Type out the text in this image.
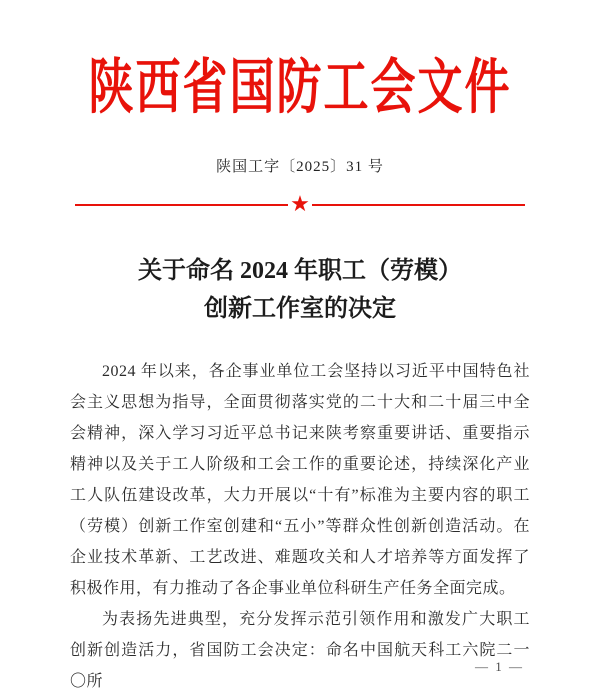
陕西省国防工会文件
陕国工字〔2025〕31 号
★
关于命名 2024 年职工（劳模）
创新工作室的决定

2024 年以来，各企事业单位工会坚持以习近平中国特色社会主义思想为指导，全面贯彻落实党的二十大和二十届三中全会精神，深入学习习近平总书记来陕考察重要讲话、重要指示精神以及关于工人阶级和工会工作的重要论述，持续深化产业工人队伍建设改革，大力开展以“十有”标准为主要内容的职工（劳模）创新工作室创建和“五小”等群众性创新创造活动。在企业技术革新、工艺改进、难题攻关和人才培养等方面发挥了积极作用，有力推动了各企事业单位科研生产任务全面完成。

为表扬先进典型，充分发挥示范引领作用和激发广大职工创新创造活力，省国防工会决定：命名中国航天科工六院二一〇所

— 1 —
